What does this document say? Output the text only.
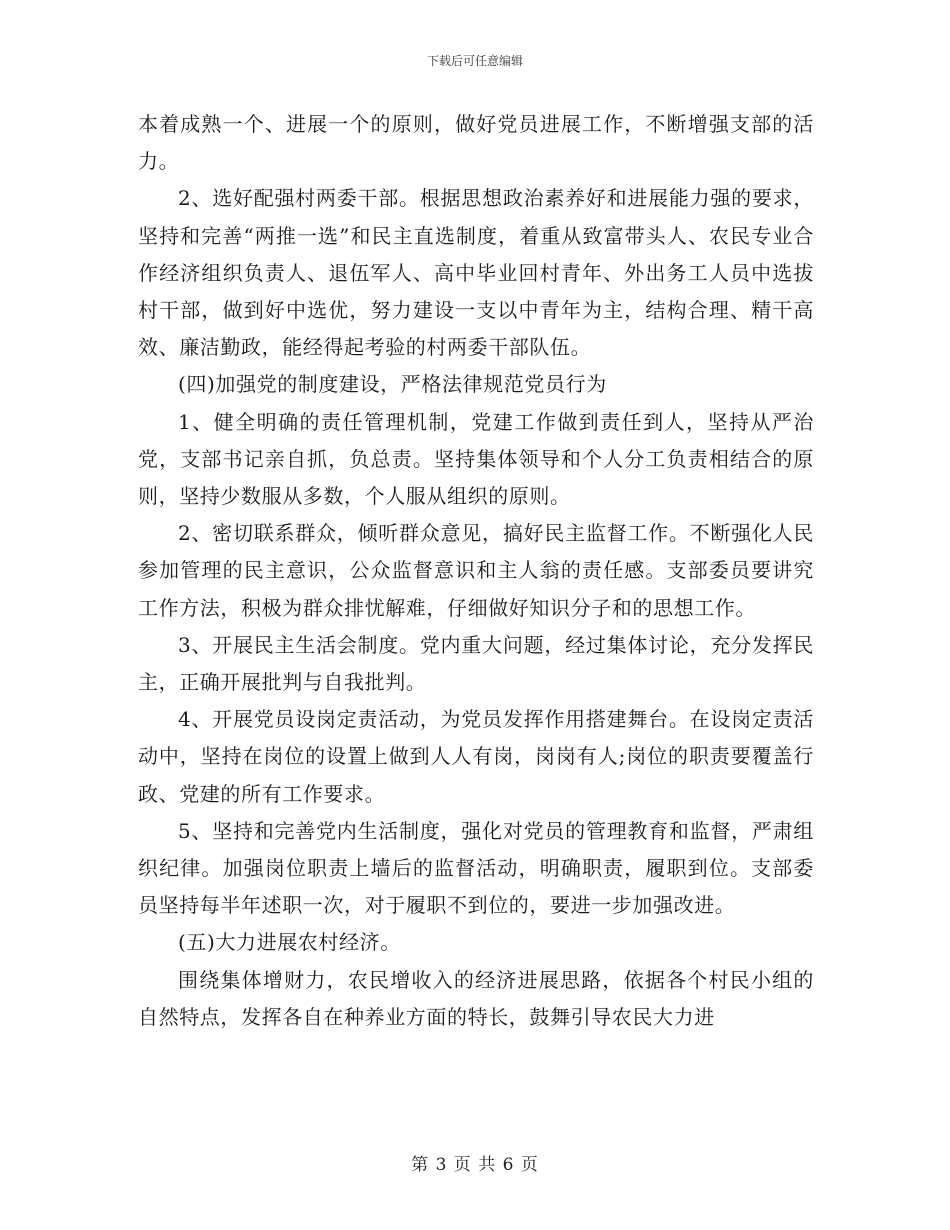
下载后可任意编辑

本着成熟一个、进展一个的原则，做好党员进展工作，不断增强支部的活力。

2、选好配强村两委干部。根据思想政治素养好和进展能力强的要求，坚持和完善“两推一选”和民主直选制度，着重从致富带头人、农民专业合作经济组织负责人、退伍军人、高中毕业回村青年、外出务工人员中选拔村干部，做到好中选优，努力建设一支以中青年为主，结构合理、精干高效、廉洁勤政，能经得起考验的村两委干部队伍。

(四)加强党的制度建设，严格法律规范党员行为

1、健全明确的责任管理机制，党建工作做到责任到人，坚持从严治党，支部书记亲自抓，负总责。坚持集体领导和个人分工负责相结合的原则，坚持少数服从多数，个人服从组织的原则。

2、密切联系群众，倾听群众意见，搞好民主监督工作。不断强化人民参加管理的民主意识，公众监督意识和主人翁的责任感。支部委员要讲究工作方法，积极为群众排忧解难，仔细做好知识分子和的思想工作。

3、开展民主生活会制度。党内重大问题，经过集体讨论，充分发挥民主，正确开展批判与自我批判。

4、开展党员设岗定责活动，为党员发挥作用搭建舞台。在设岗定责活动中，坚持在岗位的设置上做到人人有岗，岗岗有人;岗位的职责要覆盖行政、党建的所有工作要求。

5、坚持和完善党内生活制度，强化对党员的管理教育和监督，严肃组织纪律。加强岗位职责上墙后的监督活动，明确职责，履职到位。支部委员坚持每半年述职一次，对于履职不到位的，要进一步加强改进。

(五)大力进展农村经济。

围绕集体增财力，农民增收入的经济进展思路，依据各个村民小组的自然特点，发挥各自在种养业方面的特长，鼓舞引导农民大力进

第 3 页 共 6 页
